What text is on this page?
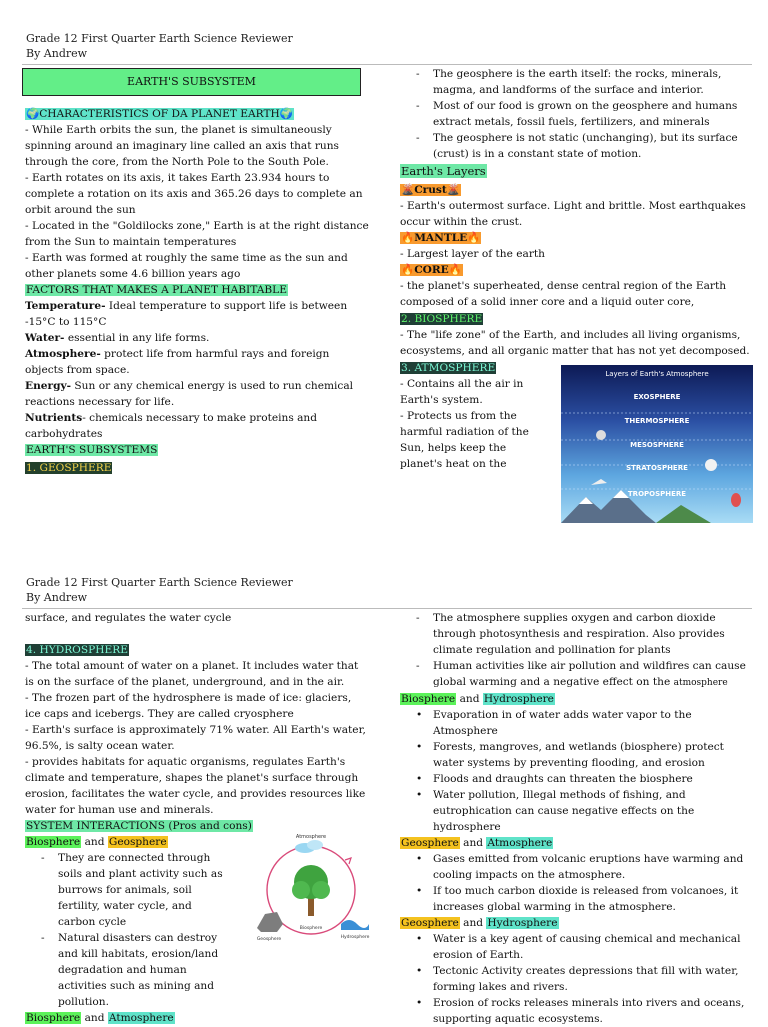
Grade 12 First Quarter Earth Science Reviewer
By Andrew
EARTH'S SUBSYSTEM

🌍CHARACTERISTICS OF DA PLANET EARTH🌍

- While Earth orbits the sun, the planet is simultaneously spinning around an imaginary line called an axis that runs through the core, from the North Pole to the South Pole.

- Earth rotates on its axis, it takes Earth 23.934 hours to complete a rotation on its axis and 365.26 days to complete an orbit around the sun

- Located in the "Goldilocks zone," Earth is at the right distance from the Sun to maintain temperatures

- Earth was formed at roughly the same time as the sun and other planets some 4.6 billion years ago

FACTORS THAT MAKES A PLANET HABITABLE

Temperature- Ideal temperature to support life is between -15°C to 115°C

Water- essential in any life forms.

Atmosphere- protect life from harmful rays and foreign objects from space.

Energy- Sun or any chemical energy is used to run chemical reactions necessary for life.

Nutrients- chemicals necessary to make proteins and carbohydrates

EARTH'S SUBSYSTEMS

1. GEOSPHERE

- The geosphere is the earth itself: the rocks, minerals, magma, and landforms of the surface and interior.
- Most of our food is grown on the geosphere and humans extract metals, fossil fuels, fertilizers, and minerals
- The geosphere is not static (unchanging), but its surface (crust) is in a constant state of motion.

Earth's Layers

🌋Crust🌋

- Earth's outermost surface. Light and brittle. Most earthquakes occur within the crust.

🔥MANTLE🔥

- Largest layer of the earth

🔥CORE🔥

- the planet's superheated, dense central region of the Earth composed of a solid inner core and a liquid outer core,

2. BIOSPHERE

- The "life zone" of the Earth, and includes all living organisms, ecosystems, and all organic matter that has not yet decomposed.

3. ATMOSPHERE

- Contains all the air in Earth's system.
- Protects us from the harmful radiation of the Sun, helps keep the planet's heat on the

Layers of Earth's Atmosphere
EXOSPHERE
THERMOSPHERE
MESOSPHERE
STRATOSPHERE
TROPOSPHERE
Grade 12 First Quarter Earth Science Reviewer
By Andrew

surface, and regulates the water cycle

4. HYDROSPHERE

- The total amount of water on a planet. It includes water that is on the surface of the planet, underground, and in the air.

- The frozen part of the hydrosphere is made of ice: glaciers, ice caps and icebergs. They are called cryosphere

- Earth's surface is approximately 71% water. All Earth's water, 96.5%, is salty ocean water.

- provides habitats for aquatic organisms, regulates Earth's climate and temperature, shapes the planet's surface through erosion, facilitates the water cycle, and provides resources like water for human use and minerals.

SYSTEM INTERACTIONS (Pros and cons)

Biosphere and Geosphere

- They are connected through soils and plant activity such as burrows for animals, soil fertility, water cycle, and carbon cycle
- Natural disasters can destroy and kill habitats, erosion/land degradation and human activities such as mining and pollution.

Biosphere and Atmosphere

Atmosphere
Biosphere
Geosphere	Hydrosphere
- The atmosphere supplies oxygen and carbon dioxide through photosynthesis and respiration. Also provides climate regulation and pollination for plants
- Human activities like air pollution and wildfires can cause global warming and a negative effect on the atmosphere

Biosphere and Hydrosphere

• Evaporation in of water adds water vapor to the Atmosphere
• Forests, mangroves, and wetlands (biosphere) protect water systems by preventing flooding, and erosion
• Floods and draughts can threaten the biosphere
• Water pollution, Illegal methods of fishing, and eutrophication can cause negative effects on the hydrosphere

Geosphere and Atmosphere

• Gases emitted from volcanic eruptions have warming and cooling impacts on the atmosphere.
• If too much carbon dioxide is released from volcanoes, it increases global warming in the atmosphere.

Geosphere and Hydrosphere

• Water is a key agent of causing chemical and mechanical erosion of Earth.
• Tectonic Activity creates depressions that fill with water, forming lakes and rivers.
• Erosion of rocks releases minerals into rivers and oceans, supporting aquatic ecosystems.
